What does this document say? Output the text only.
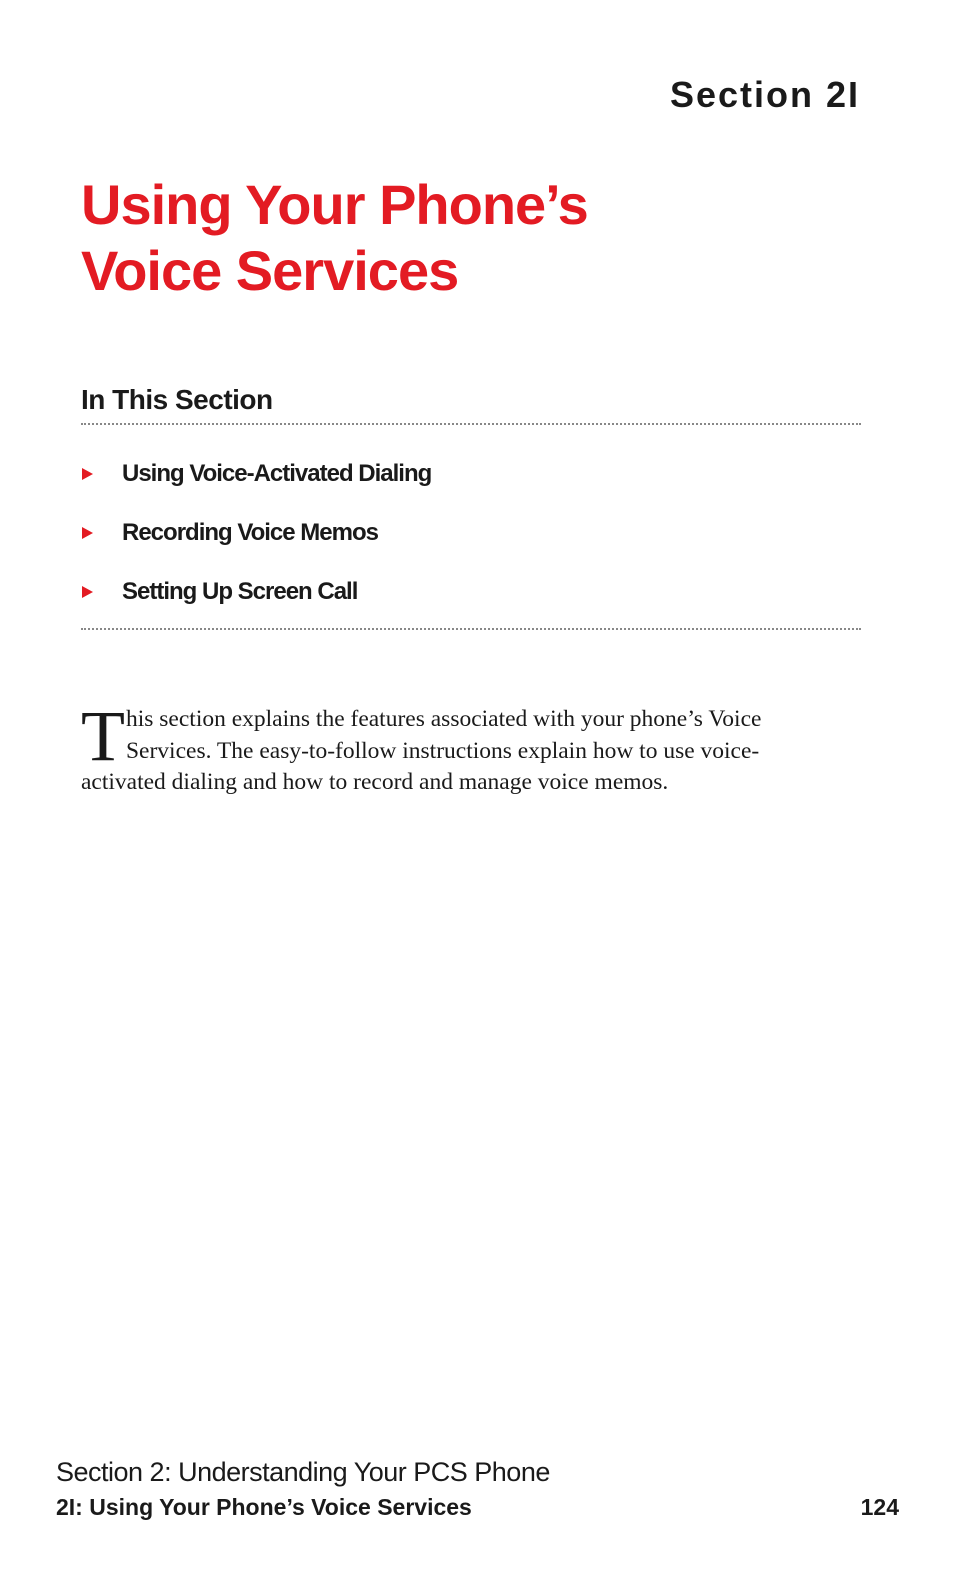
Section 2I
Using Your Phone’s
Voice Services
In This Section
Using Voice-Activated Dialing
Recording Voice Memos
Setting Up Screen Call

This section explains the features associated with your phone’s Voice Services. The easy-to-follow instructions explain how to use voice-activated dialing and how to record and manage voice memos.

Section 2: Understanding Your PCS Phone
2I: Using Your Phone’s Voice Services	124
